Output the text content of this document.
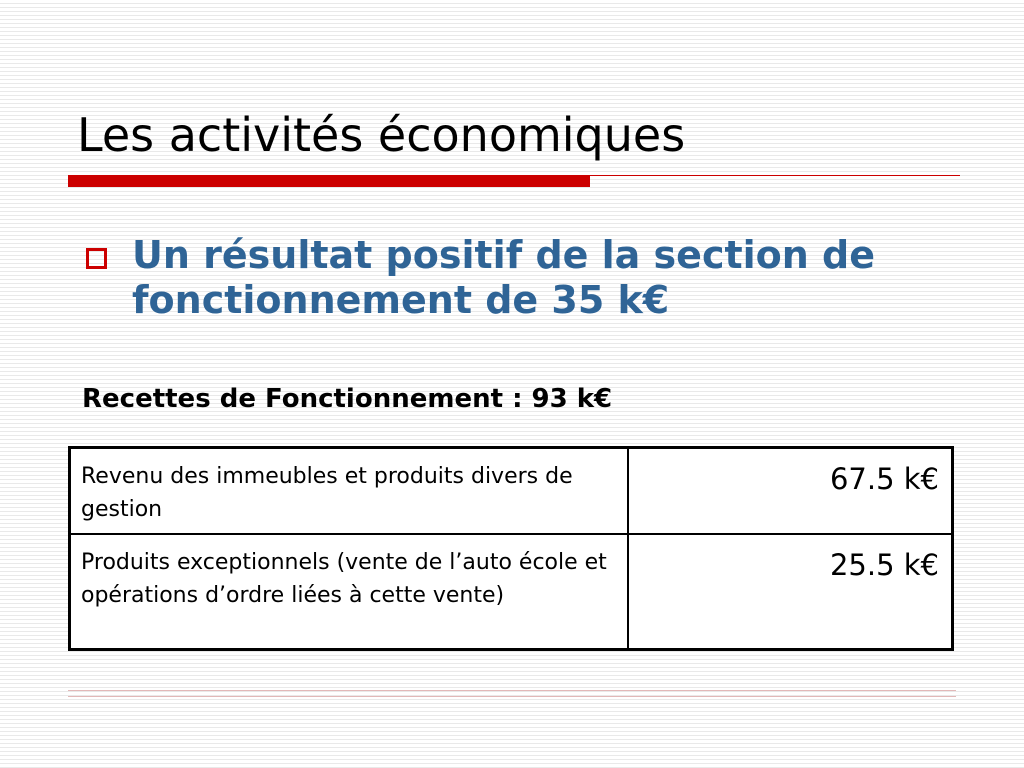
Les activités économiques
Un résultat positif de la section de fonctionnement de 35 k€
Recettes de Fonctionnement : 93 k€
Revenu des immeubles et produits divers de gestion	67.5 k€
Produits exceptionnels (vente de l’auto école et opérations d’ordre liées à cette vente)	25.5 k€
